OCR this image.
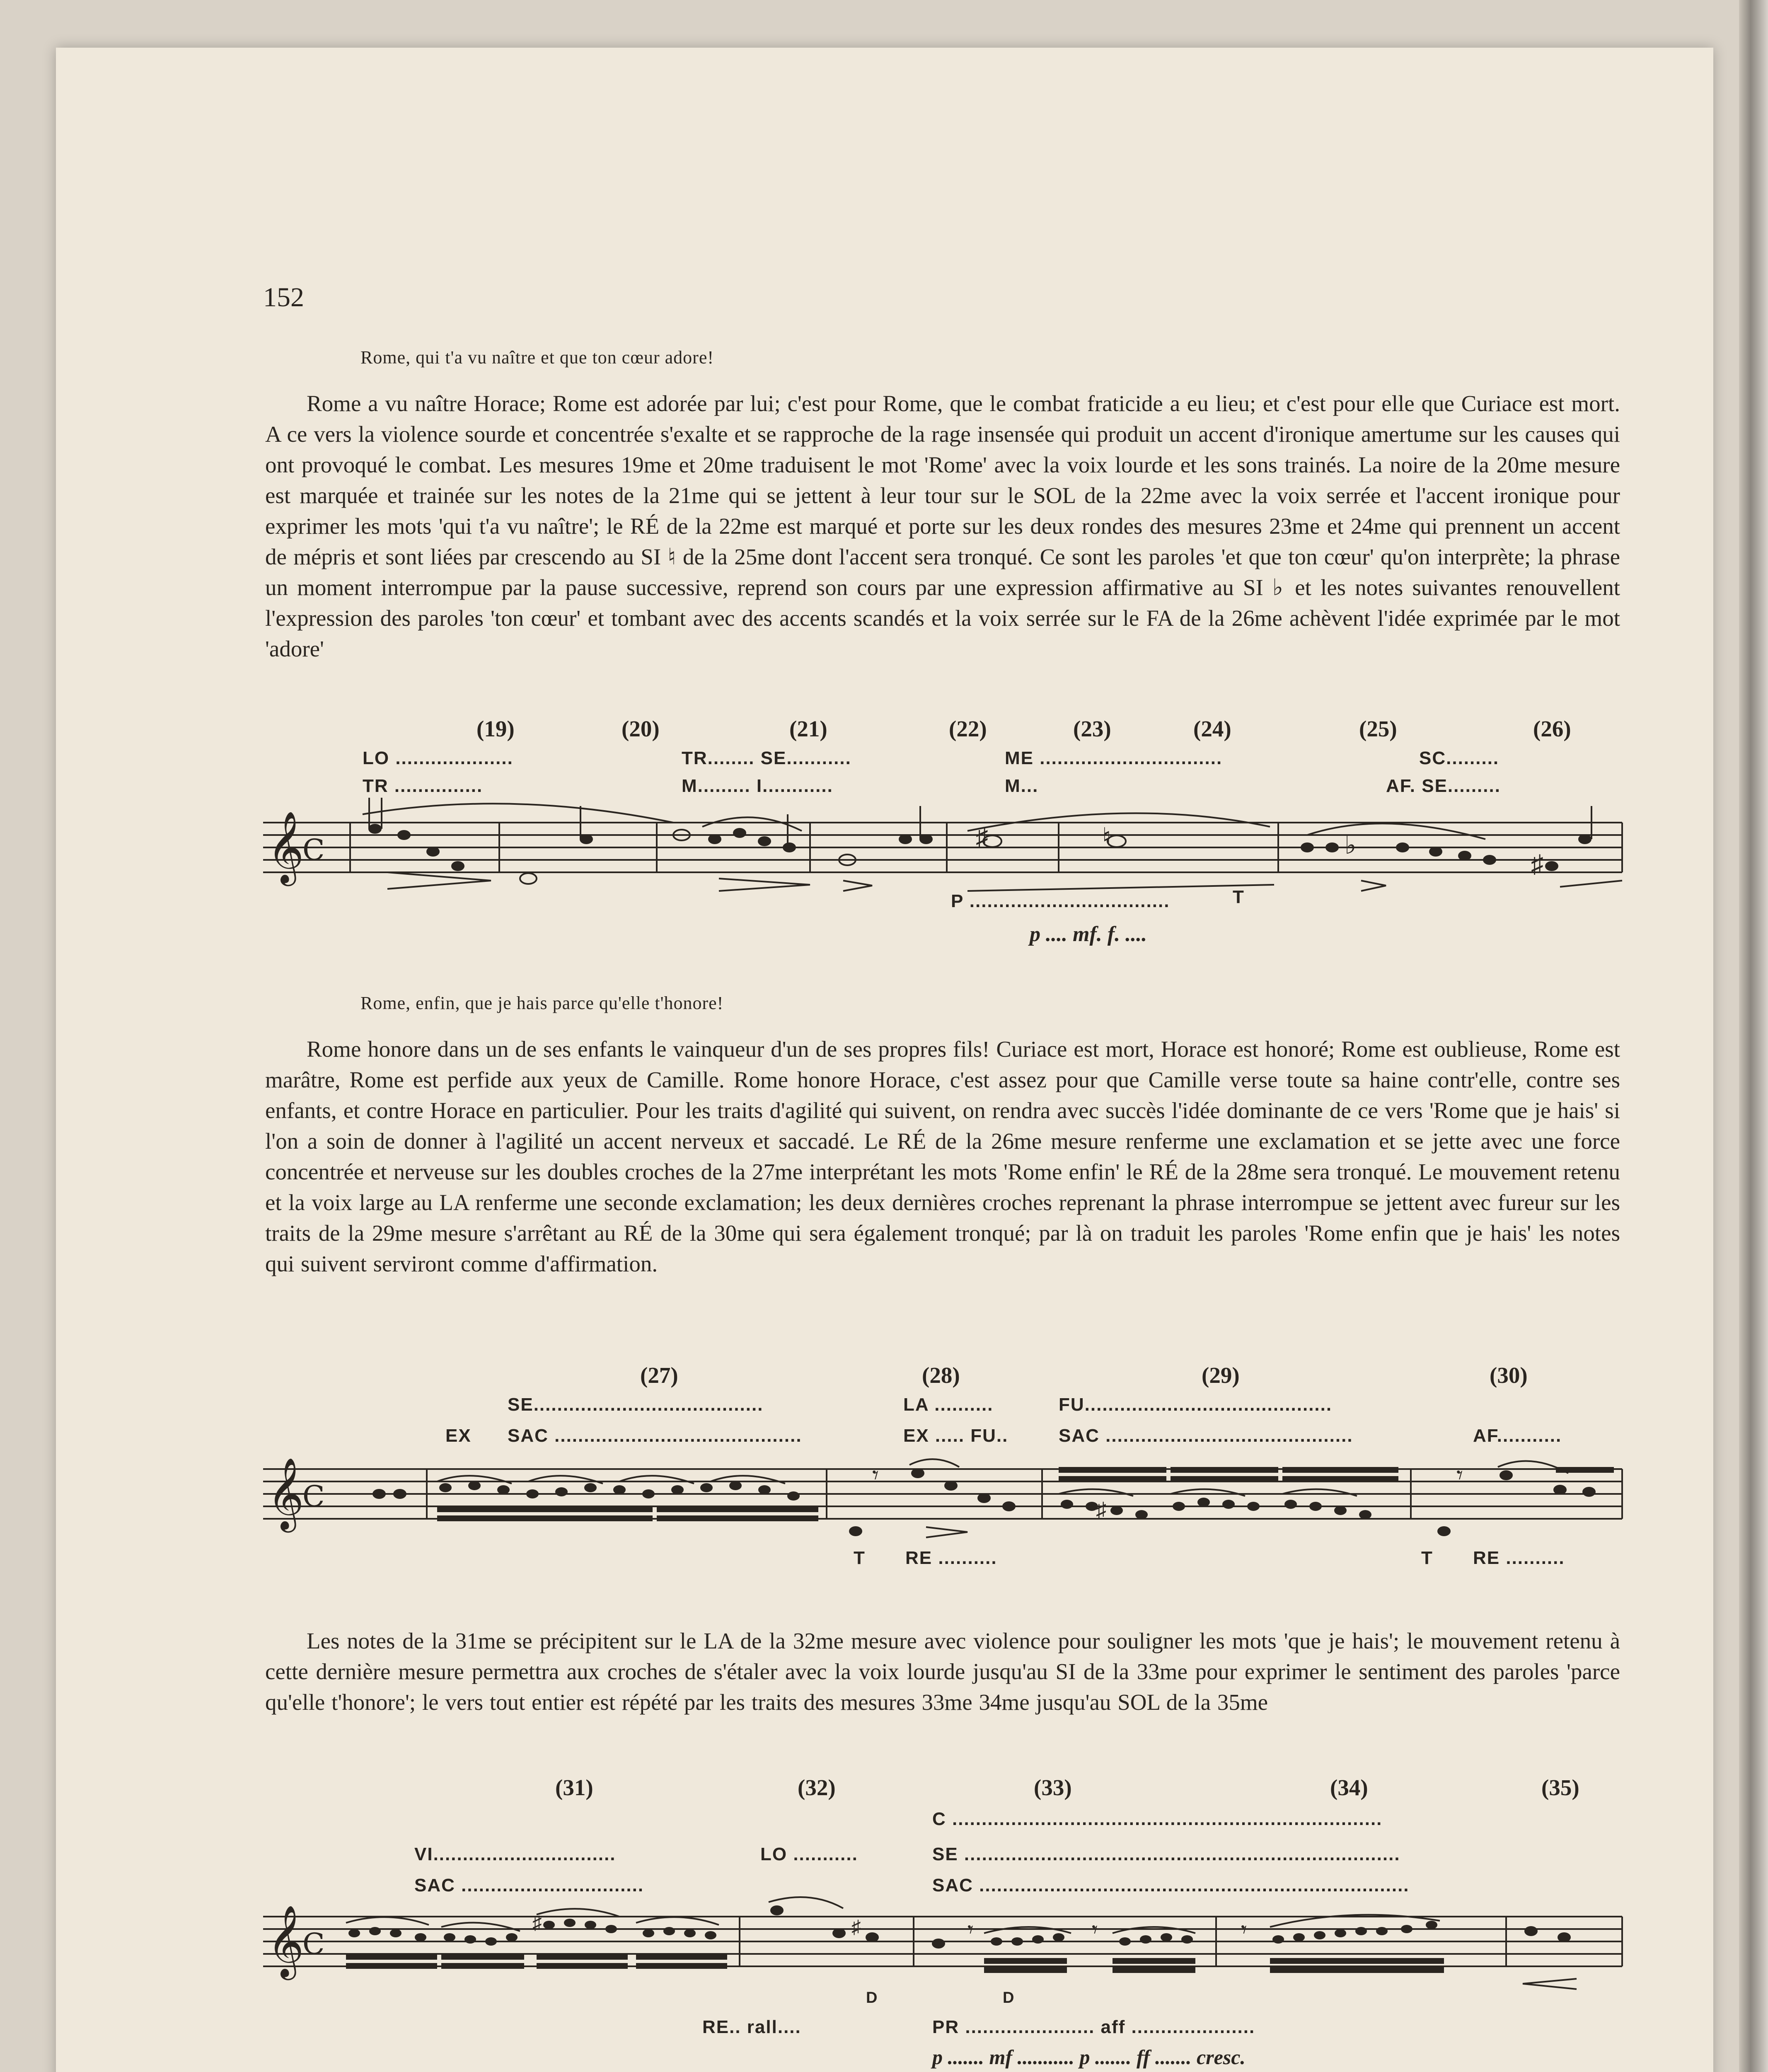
152
Rome, qui t'a vu naître et que ton cœur adore!

Rome a vu naître Horace; Rome est adorée par lui; c'est pour Rome, que le combat fraticide a eu lieu; et c'est pour elle que Curiace est mort. A ce vers la violence sourde et concentrée s'exalte et se rapproche de la rage insensée qui produit un accent d'ironique amertume sur les causes qui ont provoqué le combat. Les mesures 19me et 20me traduisent le mot 'Rome' avec la voix lourde et les sons trainés. La noire de la 20me mesure est marquée et trainée sur les notes de la 21me qui se jettent à leur tour sur le SOL de la 22me avec la voix serrée et l'accent ironique pour exprimer les mots 'qui t'a vu naître'; le RÉ de la 22me est marqué et porte sur les deux rondes des mesures 23me et 24me qui prennent un accent de mépris et sont liées par crescendo au SI ♮ de la 25me dont l'accent sera tronqué. Ce sont les paroles 'et que ton cœur' qu'on interprète; la phrase un moment interrompue par la pause successive, reprend son cours par une expression affirmative au SI ♭ et les notes suivantes renouvellent l'expression des paroles 'ton cœur' et tombant avec des accents scandés et la voix serrée sur le FA de la 26me achèvent l'idée exprimée par le mot 'adore'

(19)	(20)	(21)	(22)	(23)	(24)	(25)	(26)
LO ....................	TR........ SE...........	ME ...............................	SC.........
TR ...............	M......... I............	M...	AF. SE.........
𝄞
C	♯	♮	♭
♯
P ..................................	T
p .... mf. f. ....
Rome, enfin, que je hais parce qu'elle t'honore!

Rome honore dans un de ses enfants le vainqueur d'un de ses propres fils! Curiace est mort, Horace est honoré; Rome est oublieuse, Rome est marâtre, Rome est perfide aux yeux de Camille. Rome honore Horace, c'est assez pour que Camille verse toute sa haine contr'elle, contre ses enfants, et contre Horace en particulier. Pour les traits d'agilité qui suivent, on rendra avec succès l'idée dominante de ce vers 'Rome que je hais' si l'on a soin de donner à l'agilité un accent nerveux et saccadé. Le RÉ de la 26me mesure renferme une exclamation et se jette avec une force concentrée et nerveuse sur les doubles croches de la 27me interprétant les mots 'Rome enfin' le RÉ de la 28me sera tronqué. Le mouvement retenu et la voix large au LA renferme une seconde exclamation; les deux dernières croches reprenant la phrase interrompue se jettent avec fureur sur les traits de la 29me mesure s'arrêtant au RÉ de la 30me qui sera également tronqué; par là on traduit les paroles 'Rome enfin que je hais' les notes qui suivent serviront comme d'affirmation.

(27)	(28)	(29)	(30)
SE.......................................	LA ..........	FU..........................................
EX SAC ..........................................	EX ..... FU..	SAC ..........................................	AF...........
𝄞
C
𝄾	𝄾
♯
T RE ..........	T RE ..........

Les notes de la 31me se précipitent sur le LA de la 32me mesure avec violence pour souligner les mots 'que je hais'; le mouvement retenu à cette dernière mesure permettra aux croches de s'étaler avec la voix lourde jusqu'au SI de la 33me pour exprimer le sentiment des paroles 'parce qu'elle t'honore'; le vers tout entier est répété par les traits des mesures 33me 34me jusqu'au SOL de la 35me

(31)	(32)	(33)	(34)	(35)
C .........................................................................
VI...............................	LO ...........	SE ..........................................................................
SAC ...............................	SAC .........................................................................
𝄞
C	𝄾	𝄾	𝄾
♯	♯
D	D
RE.. rall....	PR ...................... aff .....................
p ....... mf ........... p ....... ff ....... cresc.
